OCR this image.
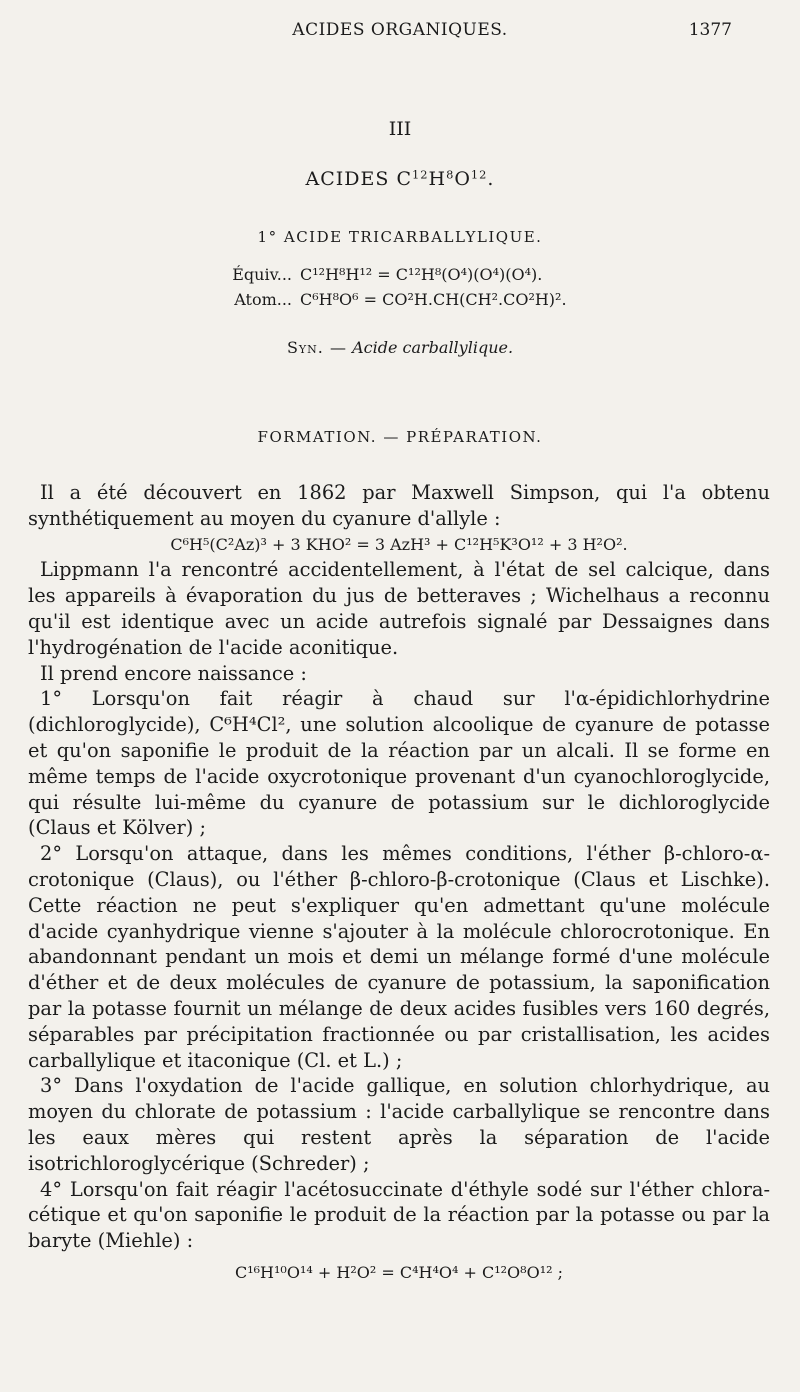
ACIDES ORGANIQUES.	1377
III
ACIDES $C^{12}H^8O^{12}$.
1° ACIDE TRICARBALLYLIQUE.
Équiv... C¹²H⁸H¹² = C¹²H⁸(O⁴)(O⁴)(O⁴).
Atom... C⁶H⁸O⁶ = CO²H.CH(CH².CO²H)².
Syn. — Acide carballylique.
FORMATION. — PRÉPARATION.

Il a été découvert en 1862 par Maxwell Simpson, qui l'a obtenu synthétiquement au moyen du cyanure d'allyle :

C⁶H⁵(C²Az)³ + 3 KHO² = 3 AzH³ + C¹²H⁵K³O¹² + 3 H²O².

Lippmann l'a rencontré accidentellement, à l'état de sel calcique, dans les appareils à évaporation du jus de betteraves ; Wichelhaus a reconnu qu'il est identique avec un acide autrefois signalé par Dessaignes dans l'hydrogénation de l'acide aconitique.

Il prend encore naissance :

1° Lorsqu'on fait réagir à chaud sur l'α-épidichlorhydrine (dichloroglycide), C⁶H⁴Cl², une solution alcoolique de cyanure de potasse et qu'on saponifie le produit de la réaction par un alcali. Il se forme en même temps de l'acide oxycrotonique provenant d'un cyanochloroglycide, qui résulte lui-même du cyanure de potassium sur le dichloroglycide (Claus et Kölver) ;

2° Lorsqu'on attaque, dans les mêmes conditions, l'éther β-chloro-α-crotonique (Claus), ou l'éther β-chloro-β-crotonique (Claus et Lischke). Cette réaction ne peut s'expliquer qu'en admettant qu'une molécule d'acide cyanhydrique vienne s'ajouter à la molécule chlorocrotonique. En abandonnant pendant un mois et demi un mélange formé d'une molécule d'éther et de deux molécules de cyanure de potassium, la saponification par la potasse fournit un mélange de deux acides fusibles vers 160 degrés, séparables par précipitation fractionnée ou par cristallisation, les acides carballylique et itaconique (Cl. et L.) ;

3° Dans l'oxydation de l'acide gallique, en solution chlorhydrique, au moyen du chlorate de potassium : l'acide carballylique se rencontre dans les eaux mères qui restent après la séparation de l'acide isotrichloroglycérique (Schreder) ;

4° Lorsqu'on fait réagir l'acétosuccinate d'éthyle sodé sur l'éther chloracétique et qu'on saponifie le produit de la réaction par la potasse ou par la baryte (Miehle) :

C¹⁶H¹⁰O¹⁴ + H²O² = C⁴H⁴O⁴ + C¹²O⁸O¹² ;
